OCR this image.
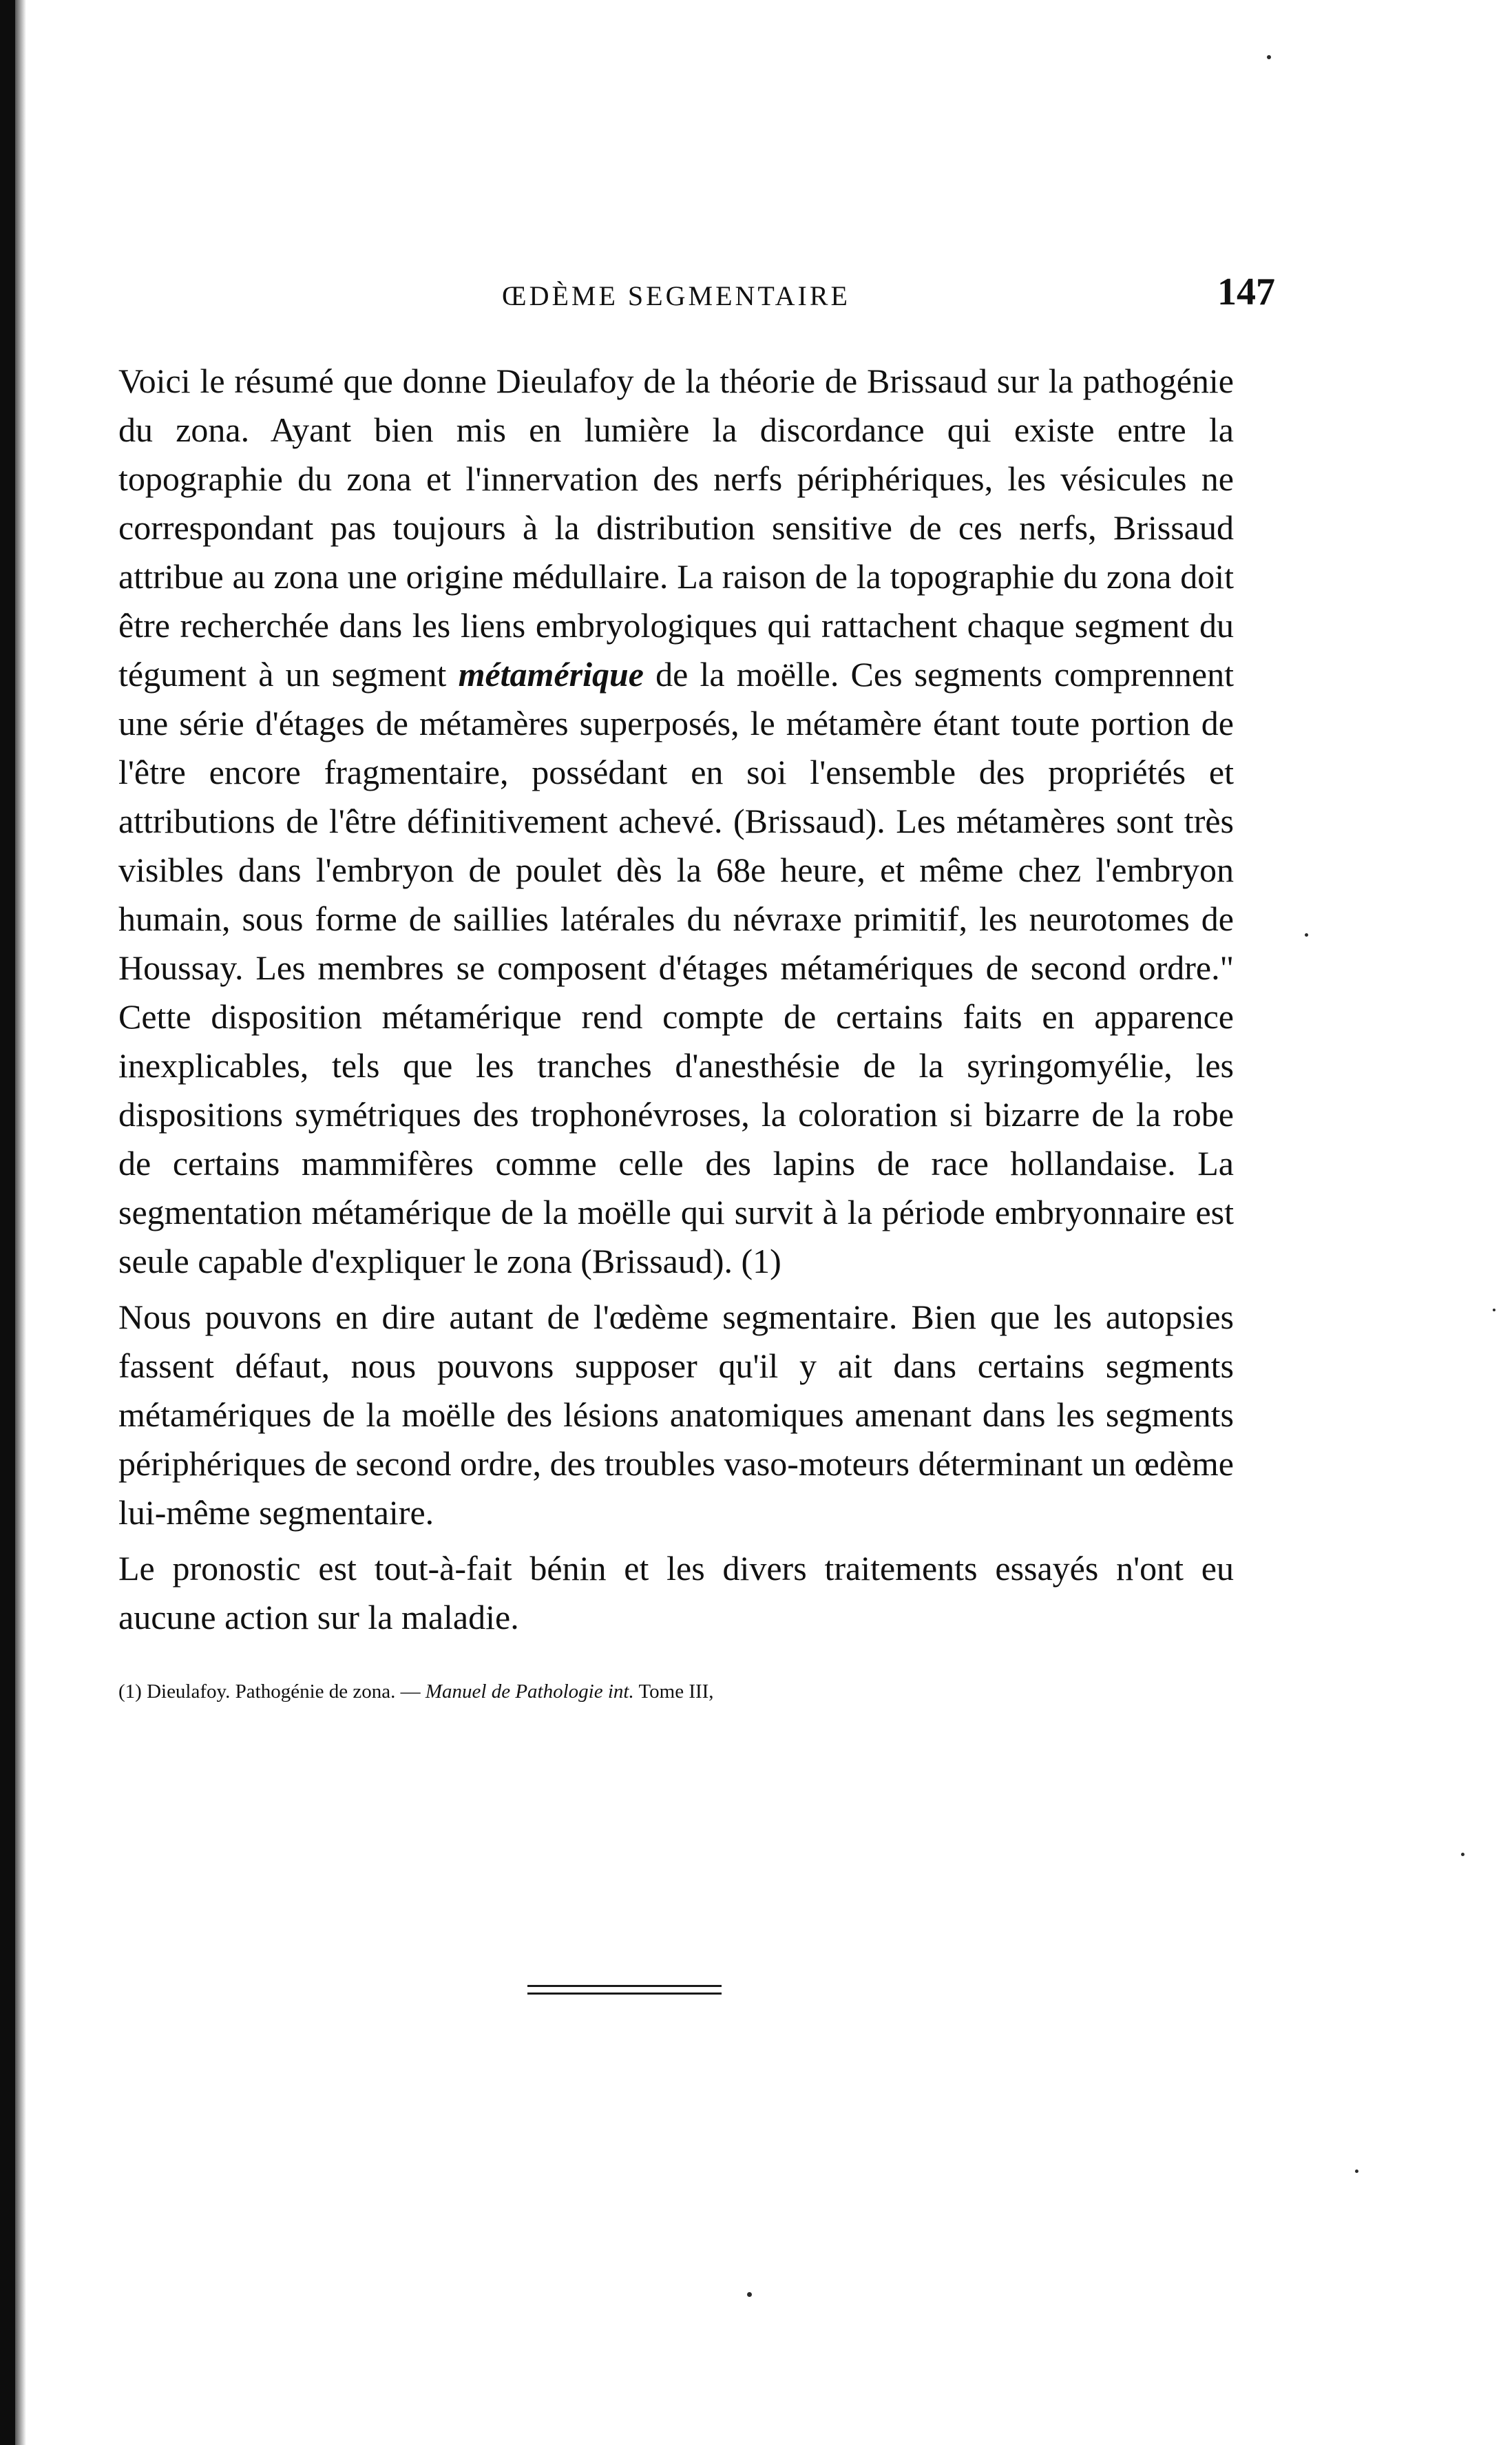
ŒDÈME SEGMENTAIRE	147

Voici le résumé que donne Dieulafoy de la théorie de Brissaud sur la pathogénie du zona. Ayant bien mis en lumière la discordance qui existe entre la topographie du zona et l'innervation des nerfs périphériques, les vésicules ne correspondant pas toujours à la distribution sensitive de ces nerfs, Brissaud attribue au zona une origine médullaire. La raison de la topographie du zona doit être recherchée dans les liens embryologiques qui rattachent chaque segment du tégument à un segment métamérique de la moëlle. Ces segments comprennent une série d'étages de métamères superposés, le métamère étant toute portion de l'être encore fragmentaire, possédant en soi l'ensemble des propriétés et attributions de l'être définitivement achevé. (Brissaud). Les métamères sont très visibles dans l'embryon de poulet dès la 68e heure, et même chez l'embryon humain, sous forme de saillies latérales du névraxe primitif, les neurotomes de Houssay. Les membres se composent d'étages métamériques de second ordre." Cette disposition métamérique rend compte de certains faits en apparence inexplicables, tels que les tranches d'anesthésie de la syringomyélie, les dispositions symétriques des trophonévroses, la coloration si bizarre de la robe de certains mammifères comme celle des lapins de race hollandaise. La segmentation métamérique de la moëlle qui survit à la période embryonnaire est seule capable d'expliquer le zona (Brissaud). (1)

Nous pouvons en dire autant de l'œdème segmentaire. Bien que les autopsies fassent défaut, nous pouvons supposer qu'il y ait dans certains segments métamériques de la moëlle des lésions anatomiques amenant dans les segments périphériques de second ordre, des troubles vaso-moteurs déterminant un œdème lui-même segmentaire.

Le pronostic est tout-à-fait bénin et les divers traitements essayés n'ont eu aucune action sur la maladie.

(1) Dieulafoy. Pathogénie de zona. — Manuel de Pathologie int. Tome III,
